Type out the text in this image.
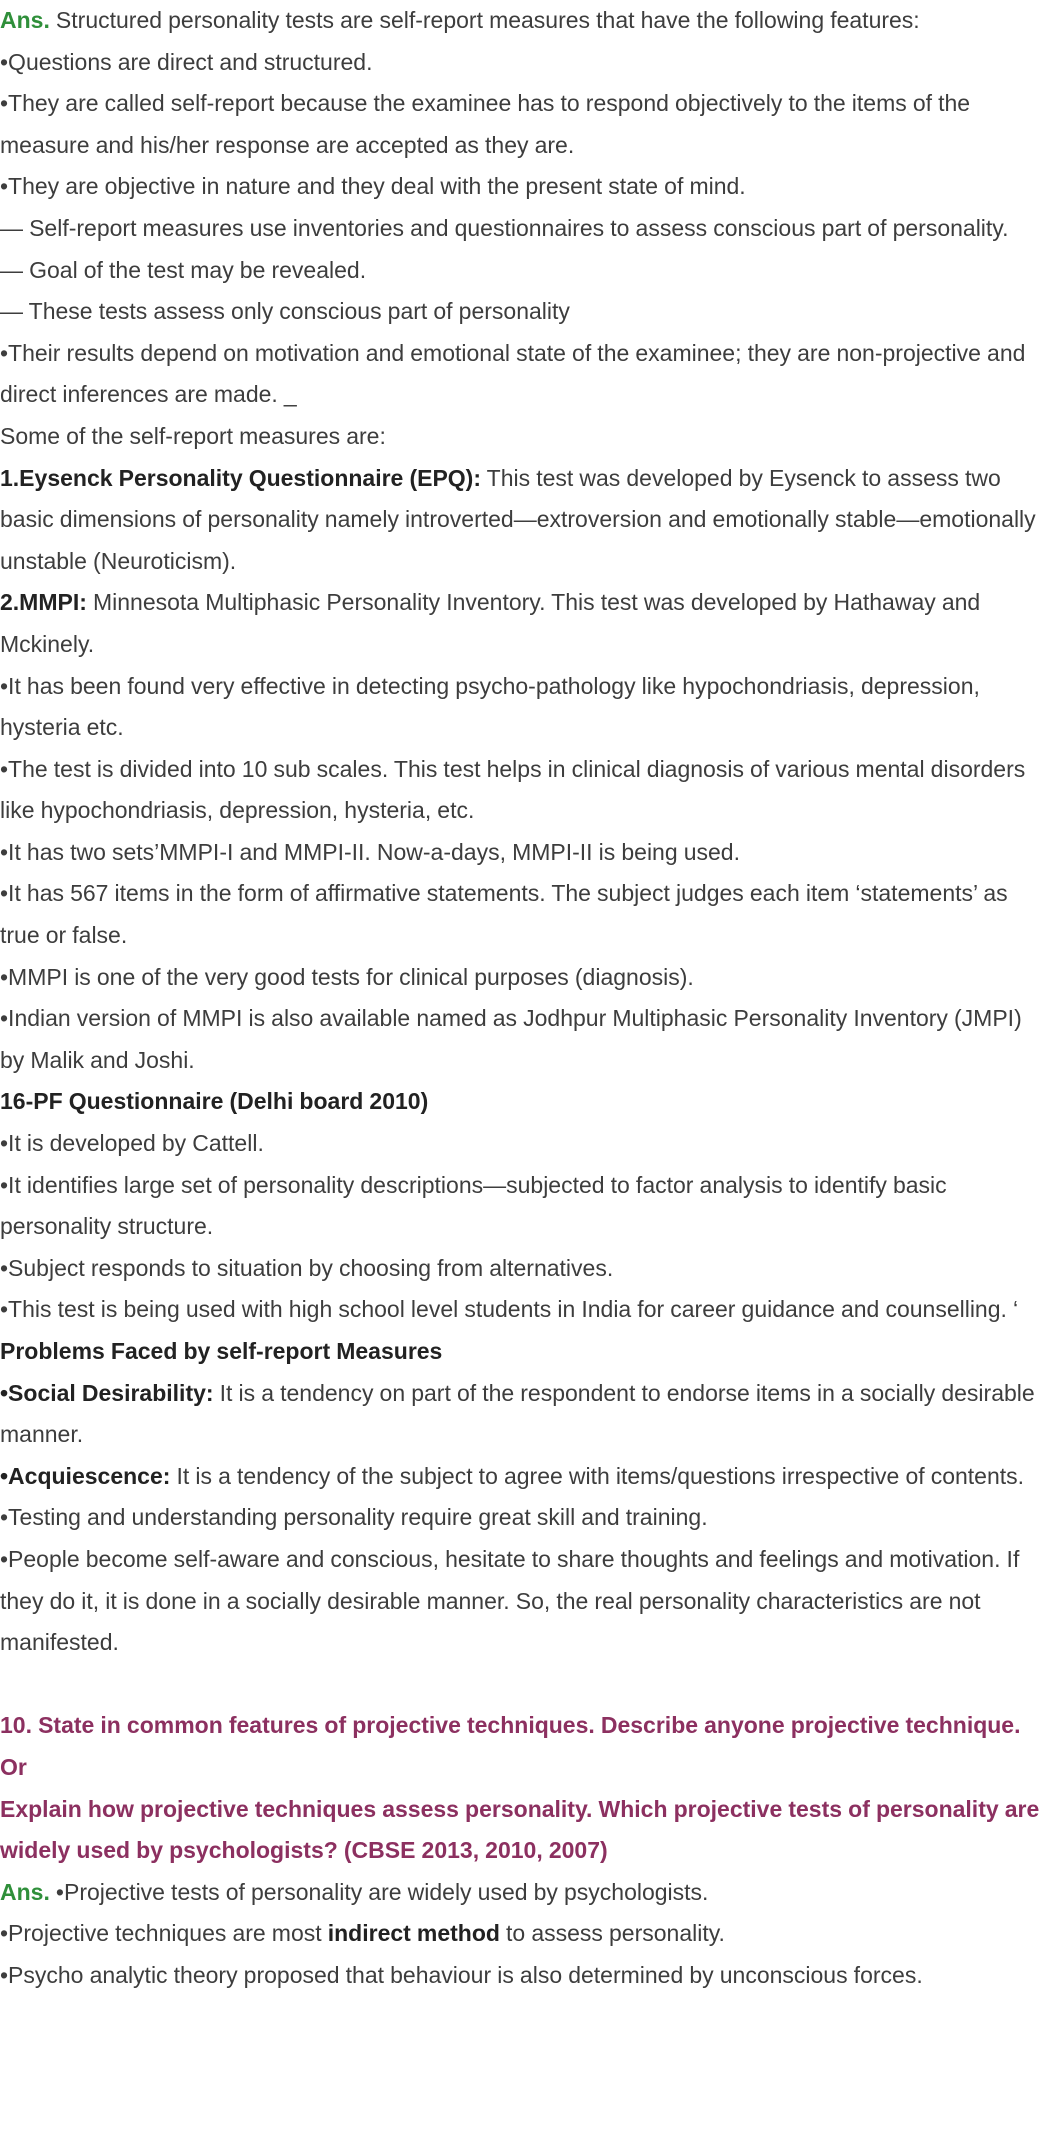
Ans. Structured personality tests are self-report measures that have the following features:

•Questions are direct and structured.

•They are called self-report because the examinee has to respond objectively to the items of the measure and his/her response are accepted as they are.

•They are objective in nature and they deal with the present state of mind.

— Self-report measures use inventories and questionnaires to assess conscious part of personality.

— Goal of the test may be revealed.

— These tests assess only conscious part of personality

•Their results depend on motivation and emotional state of the examinee; they are non-projective and direct inferences are made. _

Some of the self-report measures are:

1.Eysenck Personality Questionnaire (EPQ): This test was developed by Eysenck to assess two basic dimensions of personality namely introverted—extroversion and emotionally stable—emotionally unstable (Neuroticism).

2.MMPI: Minnesota Multiphasic Personality Inventory. This test was developed by Hathaway and Mckinely.

•It has been found very effective in detecting psycho-pathology like hypochondriasis, depression, hysteria etc.

•The test is divided into 10 sub scales. This test helps in clinical diagnosis of various mental disorders like hypochondriasis, depression, hysteria, etc.

•It has two sets’MMPI-I and MMPI-II. Now-a-days, MMPI-II is being used.

•It has 567 items in the form of affirmative statements. The subject judges each item ‘statements’ as true or false.

•MMPI is one of the very good tests for clinical purposes (diagnosis).

•Indian version of MMPI is also available named as Jodhpur Multiphasic Personality Inventory (JMPI) by Malik and Joshi.

16-PF Questionnaire (Delhi board 2010)

•It is developed by Cattell.

•It identifies large set of personality descriptions—subjected to factor analysis to identify basic personality structure.

•Subject responds to situation by choosing from alternatives.

•This test is being used with high school level students in India for career guidance and counselling. ‘

Problems Faced by self-report Measures

•Social Desirability: It is a tendency on part of the respondent to endorse items in a socially desirable manner.

•Acquiescence: It is a tendency of the subject to agree with items/questions irrespective of contents.

•Testing and understanding personality require great skill and training.

•People become self-aware and conscious, hesitate to share thoughts and feelings and motivation. If they do it, it is done in a socially desirable manner. So, the real personality characteristics are not manifested.

10. State in common features of projective techniques. Describe anyone projective technique.

Or

Explain how projective techniques assess personality. Which projective tests of personality are widely used by psychologists? (CBSE 2013, 2010, 2007)

Ans. •Projective tests of personality are widely used by psychologists.

•Projective techniques are most indirect method to assess personality.

•Psycho analytic theory proposed that behaviour is also determined by unconscious forces.
